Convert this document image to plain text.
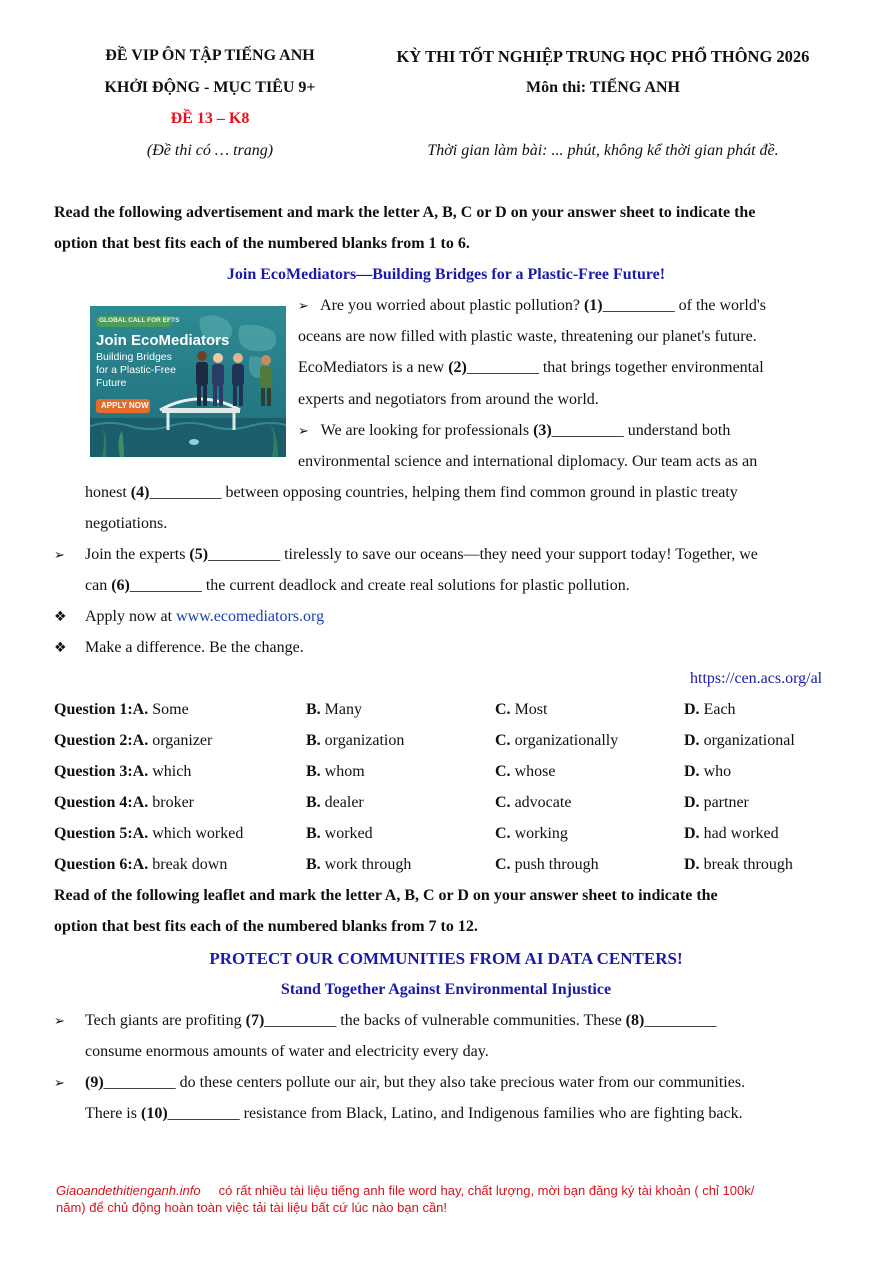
ĐỀ VIP ÔN TẬP TIẾNG ANH
KHỞI ĐỘNG - MỤC TIÊU 9+
ĐỀ 13 – K8
(Đề thi có … trang)
KỲ THI TỐT NGHIỆP TRUNG HỌC PHỔ THÔNG 2026
Môn thi: TIẾNG ANH
Thời gian làm bài: ... phút, không kể thời gian phát đề.
Read the following advertisement and mark the letter A, B, C or D on your answer sheet to indicate the
option that best fits each of the numbered blanks from 1 to 6.
Join EcoMediators—Building Bridges for a Plastic-Free Future!
GLOBAL CALL FOR EFTS
Join EcoMediators
Building Bridges
for a Plastic-Free
Future
APPLY NOW
➢ Are you worried about plastic pollution? (1)_________ of the world's
oceans are now filled with plastic waste, threatening our planet's future.
EcoMediators is a new (2)_________ that brings together environmental
experts and negotiators from around the world.
➢ We are looking for professionals (3)_________ understand both
environmental science and international diplomacy. Our team acts as an
honest (4)_________ between opposing countries, helping them find common ground in plastic treaty
negotiations.
➢ Join the experts (5)_________ tirelessly to save our oceans—they need your support today! Together, we
can (6)_________ the current deadlock and create real solutions for plastic pollution.
❖ Apply now at www.ecomediators.org
❖ Make a difference. Be the change.
https://cen.acs.org/al
Question 1:A. Some	B. Many	C. Most	D. Each
Question 2:A. organizer	B. organization	C. organizationally	D. organizational
Question 3:A. which	B. whom	C. whose	D. who
Question 4:A. broker	B. dealer	C. advocate	D. partner
Question 5:A. which worked	B. worked	C. working	D. had worked
Question 6:A. break down	B. work through	C. push through	D. break through
Read of the following leaflet and mark the letter A, B, C or D on your answer sheet to indicate the
option that best fits each of the numbered blanks from 7 to 12.
PROTECT OUR COMMUNITIES FROM AI DATA CENTERS!
Stand Together Against Environmental Injustice
➢ Tech giants are profiting (7)_________ the backs of vulnerable communities. These (8)_________
consume enormous amounts of water and electricity every day.
➢ (9)_________ do these centers pollute our air, but they also take precious water from our communities.
There is (10)_________ resistance from Black, Latino, and Indigenous families who are fighting back.
Giaoandethitienganh.info có rất nhiều tài liệu tiếng anh file word hay, chất lượng, mời bạn đăng ký tài khoản ( chỉ 100k/
năm) để chủ động hoàn toàn việc tải tài liệu bất cứ lúc nào bạn cần!
